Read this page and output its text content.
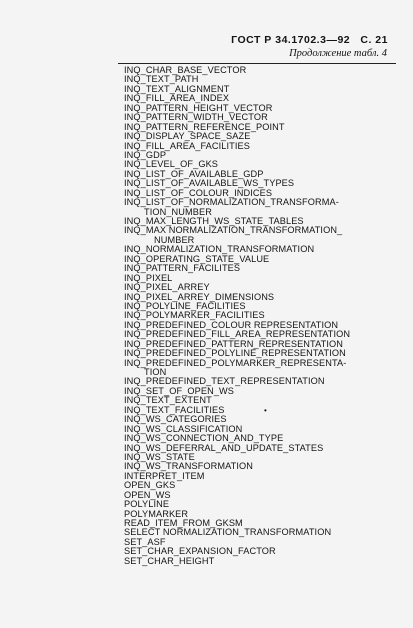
ГОСТ Р 34.1702.3—92 С. 21
Продолжение табл. 4
INQ_CHAR_BASE_VECTOR
INQ_TEXT_PATH
INQ_TEXT_ALIGNMENT
INQ_FILL_AREA_INDEX
INQ_PATTERN_HEIGHT_VECTOR
INQ_PATTERN_WIDTH_VECTOR
INQ_PATTERN_REFERENCE_POINT
INQ_DISPLAY_SPACE_SAZE
INQ_FILL_AREA_FACILITIES
INQ_GDP
INQ_LEVEL_OF_GKS
INQ_LIST_OF_AVAILABLE_GDP
INQ_LIST_OF_AVAILABLE_WS_TYPES
INQ_LIST_OF_COLOUR_INDICES
INQ_LIST_OF_NORMALIZATION_TRANSFORMA-
TION_NUMBER
INQ_MAX_LENGTH_WS_STATE_TABLES
INQ_MAX NORMALIZATION_TRANSFORMATION_
NUMBER
INQ_NORMALIZATION_TRANSFORMATION
INQ_OPERATING_STATE_VALUE
INQ_PATTERN_FACILITES
INQ_PIXEL
INQ_PIXEL_ARREY
INQ_PIXEL_ARREY_DIMENSIONS
INQ_POLYLINE_FACILITIES
INQ_POLYMARKER_FACILITIES
INQ_PREDEFINED_COLOUR REPRESENTATION
INQ_PREDEFINED_FILL_AREA_REPRESENTATION
INQ_PREDEFINED_PATTERN_REPRESENTATION
INQ_PREDEFINED_POLYLINE_REPRESENTATION
INQ_PREDEFINED_POLYMARKER_REPRESENTA-
TION
INQ_PREDEFINED_TEXT_REPRESENTATION
INQ_SET_OF_OPEN_WS
INQ_TEXT_EXTENT
INQ_TEXT_FACILITIES
INQ_WS_CATEGORIES
INQ_WS_CLASSIFICATION
INQ_WS_CONNECTION_AND_TYPE
INQ_WS_DEFERRAL_AND_UPDATE_STATES
INQ_WS_STATE
INQ_WS_TRANSFORMATION
INTERPRET_ITEM
OPEN_GKS
OPEN_WS
POLYLINE
POLYMARKER
READ_ITEM_FROM_GKSM
SELECT NORMALIZATION_TRANSFORMATION
SET_ASF
SET_CHAR_EXPANSION_FACTOR
SET_CHAR_HEIGHT
•
